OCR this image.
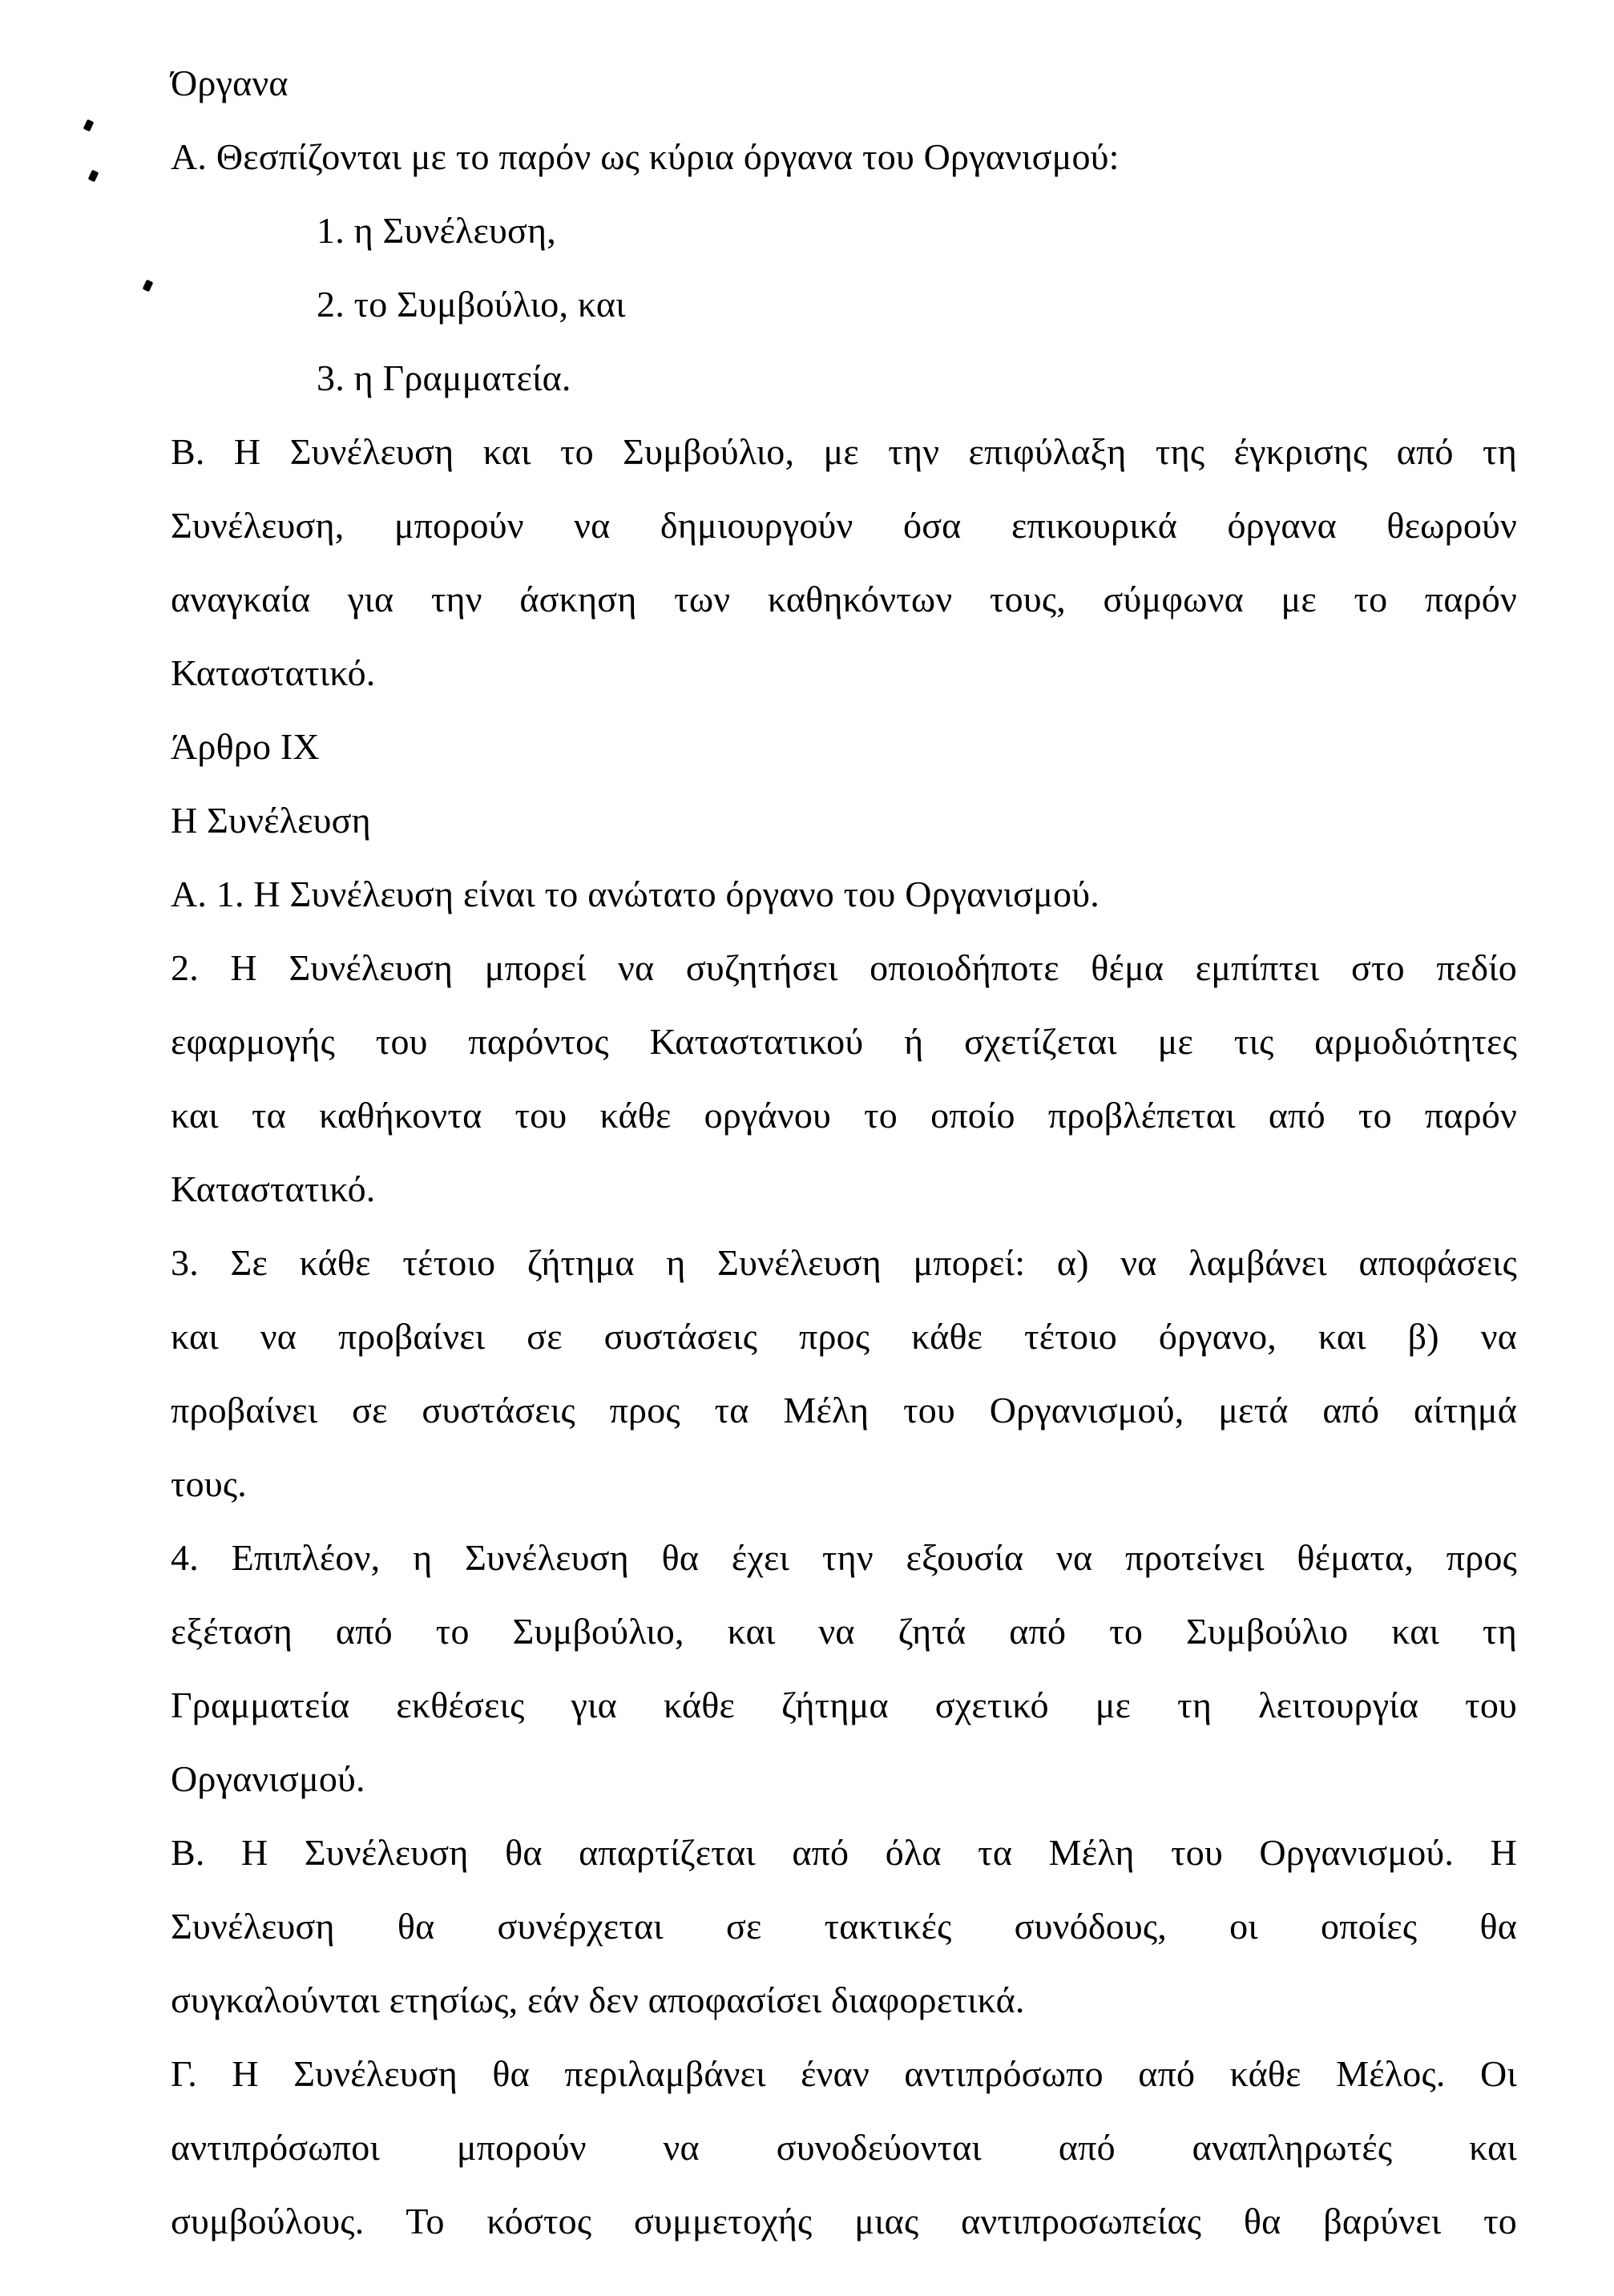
Όργανα
Α. Θεσπίζονται με το παρόν ως κύρια όργανα του Οργανισμού:
1. η Συνέλευση,
2. το Συμβούλιο, και
3. η Γραμματεία.
Β. Η Συνέλευση και το Συμβούλιο, με την επιφύλαξη της έγκρισης από τη
Συνέλευση, μπορούν να δημιουργούν όσα επικουρικά όργανα θεωρούν
αναγκαία για την άσκηση των καθηκόντων τους, σύμφωνα με το παρόν
Καταστατικό.
Άρθρο IX
Η Συνέλευση
Α. 1. Η Συνέλευση είναι το ανώτατο όργανο του Οργανισμού.
2. Η Συνέλευση μπορεί να συζητήσει οποιοδήποτε θέμα εμπίπτει στο πεδίο
εφαρμογής του παρόντος Καταστατικού ή σχετίζεται με τις αρμοδιότητες
και τα καθήκοντα του κάθε οργάνου το οποίο προβλέπεται από το παρόν
Καταστατικό.
3. Σε κάθε τέτοιο ζήτημα η Συνέλευση μπορεί: α) να λαμβάνει αποφάσεις
και να προβαίνει σε συστάσεις προς κάθε τέτοιο όργανο, και β) να
προβαίνει σε συστάσεις προς τα Μέλη του Οργανισμού, μετά από αίτημά
τους.
4. Επιπλέον, η Συνέλευση θα έχει την εξουσία να προτείνει θέματα, προς
εξέταση από το Συμβούλιο, και να ζητά από το Συμβούλιο και τη
Γραμματεία εκθέσεις για κάθε ζήτημα σχετικό με τη λειτουργία του
Οργανισμού.
Β. Η Συνέλευση θα απαρτίζεται από όλα τα Μέλη του Οργανισμού. Η
Συνέλευση θα συνέρχεται σε τακτικές συνόδους, οι οποίες θα
συγκαλούνται ετησίως, εάν δεν αποφασίσει διαφορετικά.
Γ. Η Συνέλευση θα περιλαμβάνει έναν αντιπρόσωπο από κάθε Μέλος. Οι
αντιπρόσωποι μπορούν να συνοδεύονται από αναπληρωτές και
συμβούλους. Το κόστος συμμετοχής μιας αντιπροσωπείας θα βαρύνει το
